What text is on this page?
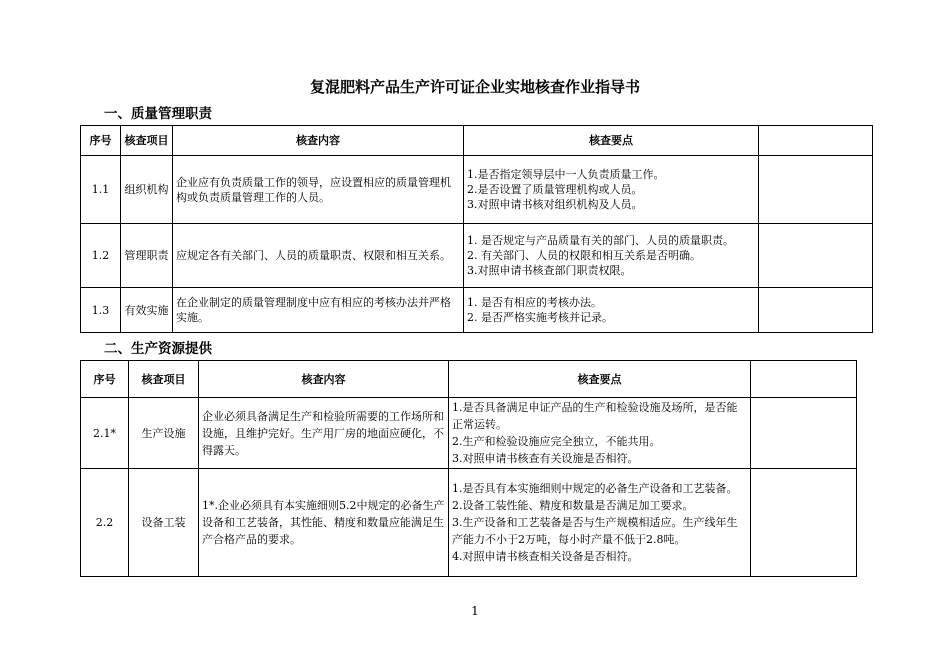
复混肥料产品生产许可证企业实地核查作业指导书
一、质量管理职责
序号	核查项目	核查内容	核查要点	
1.1	组织机构	企业应有负责质量工作的领导，应设置相应的质量管理机构或负责质量管理工作的人员。	1.是否指定领导层中一人负责质量工作。
2.是否设置了质量管理机构或人员。
3.对照申请书核对组织机构及人员。	

1.2	管理职责	应规定各有关部门、人员的质量职责、权限和相互关系。	1. 是否规定与产品质量有关的部门、人员的质量职责。
2. 有关部门、人员的权限和相互关系是否明确。
3.对照申请书核查部门职责权限。	

1.3	有效实施	在企业制定的质量管理制度中应有相应的考核办法并严格实施。	1. 是否有相应的考核办法。
2. 是否严格实施考核并记录。	

二、生产资源提供
序号	核查项目	核查内容	核查要点	
2.1*	生产设施	企业必须具备满足生产和检验所需要的工作场所和设施，且维护完好。生产用厂房的地面应硬化，不得露天。	1.是否具备满足申证产品的生产和检验设施及场所，是否能正常运转。
2.生产和检验设施应完全独立，不能共用。
3.对照申请书核查有关设施是否相符。	

2.2	设备工装	1*.企业必须具有本实施细则5.2中规定的必备生产设备和工艺装备，其性能、精度和数量应能满足生产合格产品的要求。	1.是否具有本实施细则中规定的必备生产设备和工艺装备。
2.设备工装性能、精度和数量是否满足加工要求。
3.生产设备和工艺装备是否与生产规模相适应。生产线年生产能力不小于2万吨，每小时产量不低于2.8吨。
4.对照申请书核查相关设备是否相符。	

1
